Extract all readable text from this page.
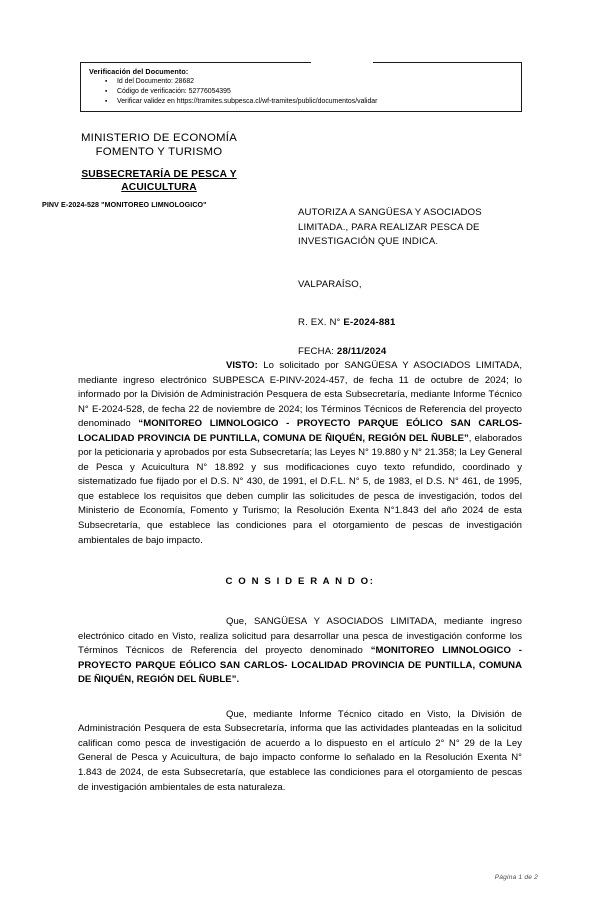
Verificación del Documento:
▪ Id del Documento: 28682
▪ Código de verificación: 52776054395
▪ Verificar validez en https://tramites.subpesca.cl/wf-tramites/public/documentos/validar
MINISTERIO DE ECONOMÍA
FOMENTO Y TURISMO
SUBSECRETARÍA DE PESCA Y
ACUICULTURA
PINV E-2024-528 "MONITOREO LIMNOLOGICO"
AUTORIZA A SANGÜESA Y ASOCIADOS
LIMITADA., PARA REALIZAR PESCA DE
INVESTIGACIÓN QUE INDICA.
VALPARAÍSO,
R. EX. N° E-2024-881
FECHA: 28/11/2024

VISTO: Lo solicitado por SANGÜESA Y ASOCIADOS LIMITADA, mediante ingreso electrónico SUBPESCA E-PINV-2024-457, de fecha 11 de octubre de 2024; lo informado por la División de Administración Pesquera de esta Subsecretaría, mediante Informe Técnico N° E-2024-528, de fecha 22 de noviembre de 2024; los Términos Técnicos de Referencia del proyecto denominado “MONITOREO LIMNOLOGICO - PROYECTO PARQUE EÓLICO SAN CARLOS- LOCALIDAD PROVINCIA DE PUNTILLA, COMUNA DE ÑIQUÉN, REGIÓN DEL ÑUBLE”, elaborados por la peticionaria y aprobados por esta Subsecretaría; las Leyes N° 19.880 y N° 21.358; la Ley General de Pesca y Acuicultura N° 18.892 y sus modificaciones cuyo texto refundido, coordinado y sistematizado fue fijado por el D.S. N° 430, de 1991, el D.F.L. N° 5, de 1983, el D.S. N° 461, de 1995, que establece los requisitos que deben cumplir las solicitudes de pesca de investigación, todos del Ministerio de Economía, Fomento y Turismo; la Resolución Exenta N°1.843 del año 2024 de esta Subsecretaría, que establece las condiciones para el otorgamiento de pescas de investigación ambientales de bajo impacto.

C O N S I D E R A N D O:

Que, SANGÜESA Y ASOCIADOS LIMITADA, mediante ingreso electrónico citado en Visto, realiza solicitud para desarrollar una pesca de investigación conforme los Términos Técnicos de Referencia del proyecto denominado “MONITOREO LIMNOLOGICO - PROYECTO PARQUE EÓLICO SAN CARLOS- LOCALIDAD PROVINCIA DE PUNTILLA, COMUNA DE ÑIQUÉN, REGIÓN DEL ÑUBLE”.

Que, mediante Informe Técnico citado en Visto, la División de Administración Pesquera de esta Subsecretaría, informa que las actividades planteadas en la solicitud califican como pesca de investigación de acuerdo a lo dispuesto en el artículo 2° N° 29 de la Ley General de Pesca y Acuicultura, de bajo impacto conforme lo señalado en la Resolución Exenta N° 1.843 de 2024, de esta Subsecretaría, que establece las condiciones para el otorgamiento de pescas de investigación ambientales de esta naturaleza.

Página 1 de 2
